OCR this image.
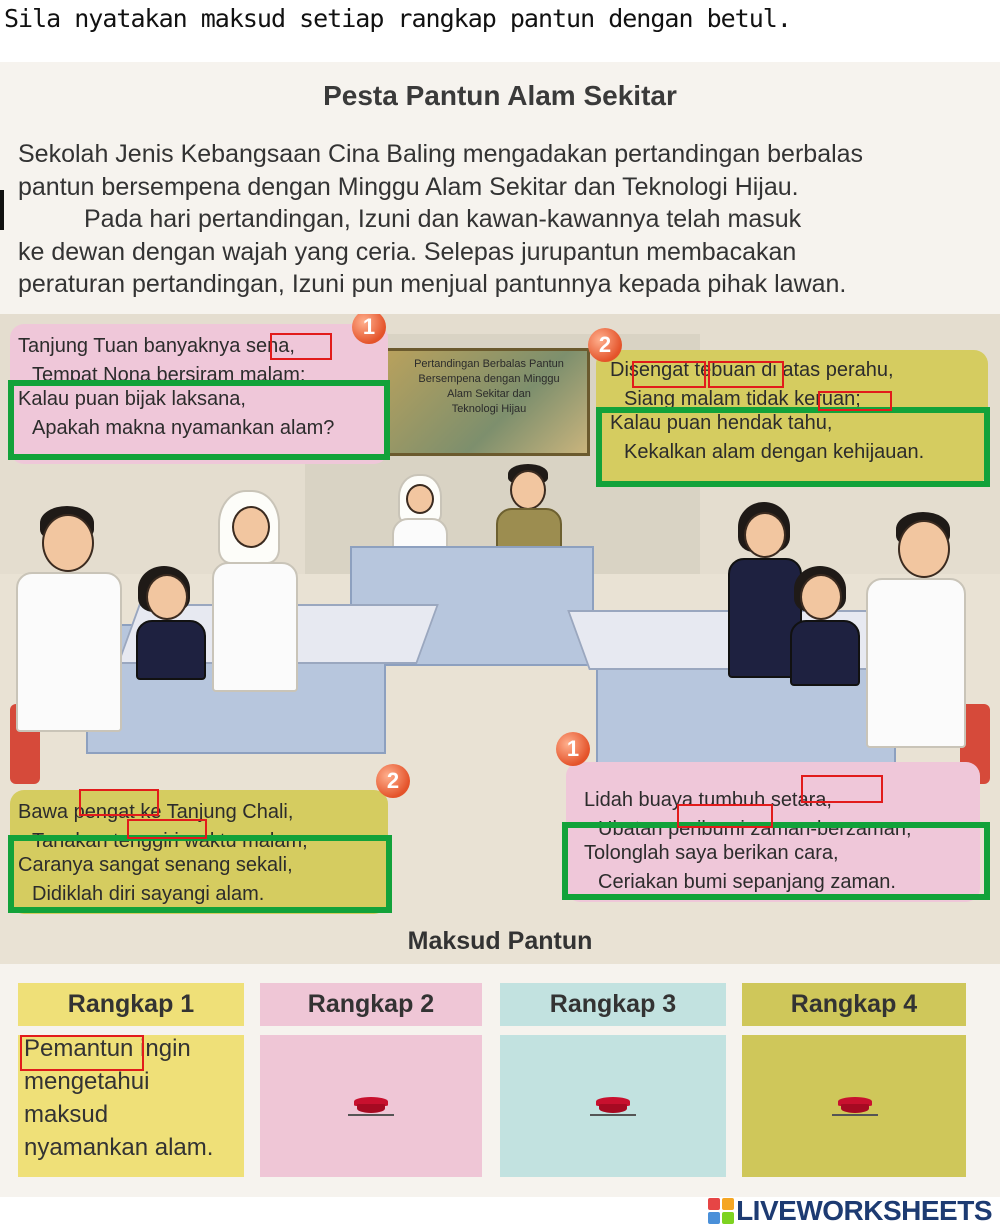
Sila nyatakan maksud setiap rangkap pantun dengan betul.
Pesta Pantun Alam Sekitar

Sekolah Jenis Kebangsaan Cina Baling mengadakan pertandingan berbalas

pantun bersempena dengan Minggu Alam Sekitar dan Teknologi Hijau.

Pada hari pertandingan, Izuni dan kawan-kawannya telah masuk

ke dewan dengan wajah yang ceria. Selepas jurupantun membacakan

peraturan pertandingan, Izuni pun menjual pantunnya kepada pihak lawan.

Pertandingan Berbalas Pantun
Bersempena dengan Minggu
Alam Sekitar dan
Teknologi Hijau
Tanjung Tuan banyaknya sena,
Tempat Nona bersiram malam;
Kalau puan bijak laksana,
Apakah makna nyamankan alam?
1
Disengat tebuan di atas perahu,
Siang malam tidak keruan;
Kalau puan hendak tahu,
Kekalkan alam dengan kehijauan.
2
Bawa pengat ke Tanjung Chali,
Tanakan tenggiri waktu malam;
Caranya sangat senang sekali,
Didiklah diri sayangi alam.
2
Lidah buaya tumbuh setara,
Ubatan peribumi zaman-berzaman;
Tolonglah saya berikan cara,
Ceriakan bumi sepanjang zaman.
1
Maksud Pantun
Rangkap 1	Rangkap 2	Rangkap 3	Rangkap 4
Pemantun ingin
mengetahui
maksud
nyamankan alam.
LIVEWORKSHEETS
